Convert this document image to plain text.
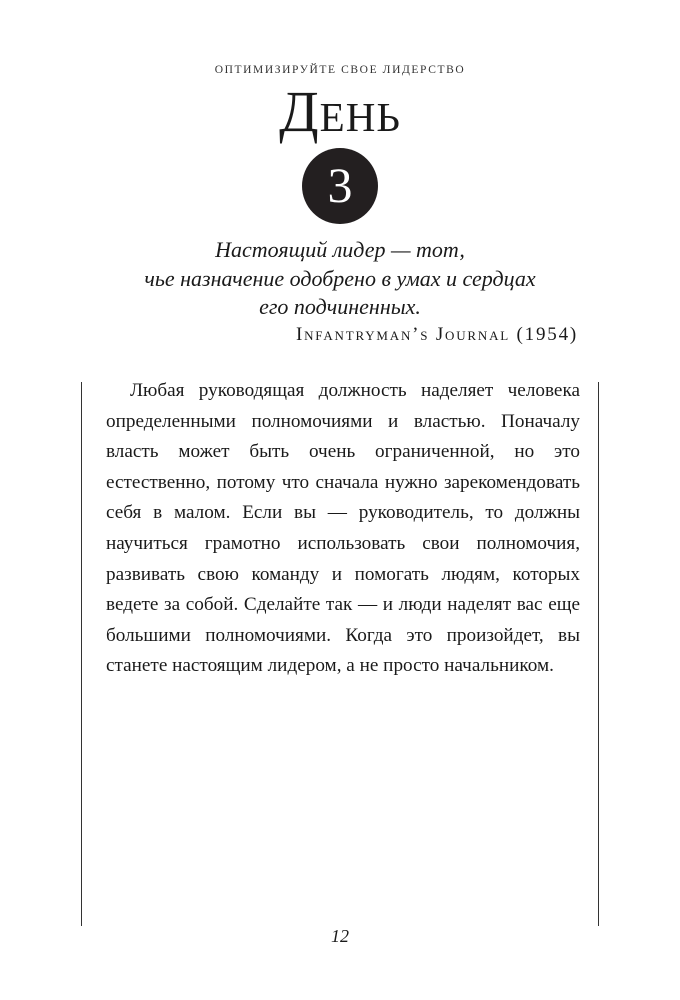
ОПТИМИЗИРУЙТЕ СВОЕ ЛИДЕРСТВО
День
3

Настоящий лидер — тот,
чье назначение одобрено в умах и сердцах
его подчиненных.

Infantryman’s Journal (1954)

Любая руководящая должность наделяет человека определенными полномочиями и властью. Поначалу власть может быть очень ограниченной, но это естественно, потому что сначала нужно зарекомендовать себя в малом. Если вы — руководитель, то должны научиться грамотно использовать свои полномочия, развивать свою команду и помогать людям, которых ведете за собой. Сделайте так — и люди наделят вас еще большими полномочиями. Когда это произойдет, вы станете настоящим лидером, а не просто начальником.

12
